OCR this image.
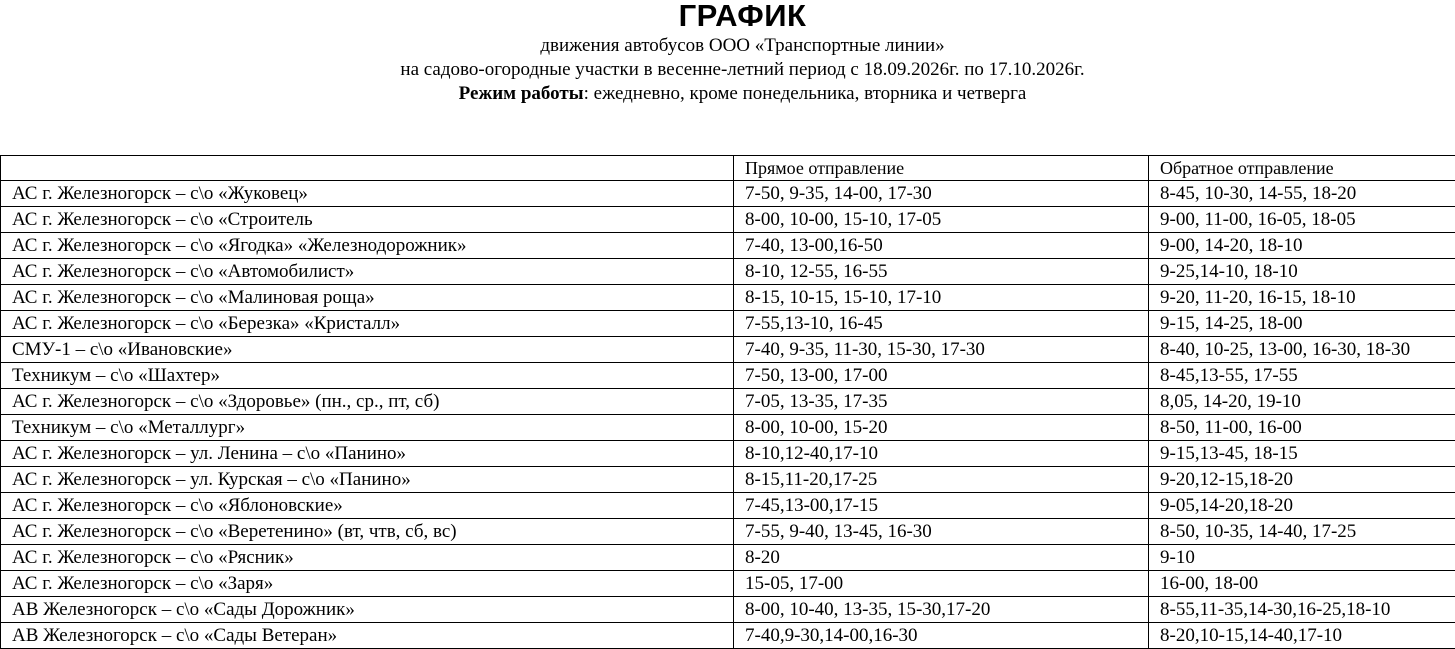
ГРАФИК
движения автобусов ООО «Транспортные линии»
на садово-огородные участки в весенне-летний период с 18.09.2026г. по 17.10.2026г.
Режим работы: ежедневно, кроме понедельника, вторника и четверга
	Прямое отправление	Обратное отправление
АС г. Железногорск – с\о «Жуковец»	7-50, 9-35, 14-00, 17-30	8-45, 10-30, 14-55, 18-20
АС г. Железногорск – с\о «Строитель	8-00, 10-00, 15-10, 17-05	9-00, 11-00, 16-05, 18-05
АС г. Железногорск – с\о «Ягодка» «Железнодорожник»	7-40, 13-00,16-50	9-00, 14-20, 18-10
АС г. Железногорск – с\о «Автомобилист»	8-10, 12-55, 16-55	9-25,14-10, 18-10
АС г. Железногорск – с\о «Малиновая роща»	8-15, 10-15, 15-10, 17-10	9-20, 11-20, 16-15, 18-10
АС г. Железногорск – с\о «Березка» «Кристалл»	7-55,13-10, 16-45	9-15, 14-25, 18-00
СМУ-1 – с\о «Ивановские»	7-40, 9-35, 11-30, 15-30, 17-30	8-40, 10-25, 13-00, 16-30, 18-30
Техникум – с\о «Шахтер»	7-50, 13-00, 17-00	8-45,13-55, 17-55
АС г. Железногорск – с\о «Здоровье» (пн., ср., пт, сб)	7-05, 13-35, 17-35	8,05, 14-20, 19-10
Техникум – с\о «Металлург»	8-00, 10-00, 15-20	8-50, 11-00, 16-00
АС г. Железногорск – ул. Ленина – с\о «Панино»	8-10,12-40,17-10	9-15,13-45, 18-15
АС г. Железногорск – ул. Курская – с\о «Панино»	8-15,11-20,17-25	9-20,12-15,18-20
АС г. Железногорск – с\о «Яблоновские»	7-45,13-00,17-15	9-05,14-20,18-20
АС г. Железногорск – с\о «Веретенино» (вт, чтв, сб, вс)	7-55, 9-40, 13-45, 16-30	8-50, 10-35, 14-40, 17-25
АС г. Железногорск – с\о «Рясник»	8-20	9-10
АС г. Железногорск – с\о «Заря»	15-05, 17-00	16-00, 18-00
АВ Железногорск – с\о «Сады Дорожник»	8-00, 10-40, 13-35, 15-30,17-20	8-55,11-35,14-30,16-25,18-10
АВ Железногорск – с\о «Сады Ветеран»	7-40,9-30,14-00,16-30	8-20,10-15,14-40,17-10
